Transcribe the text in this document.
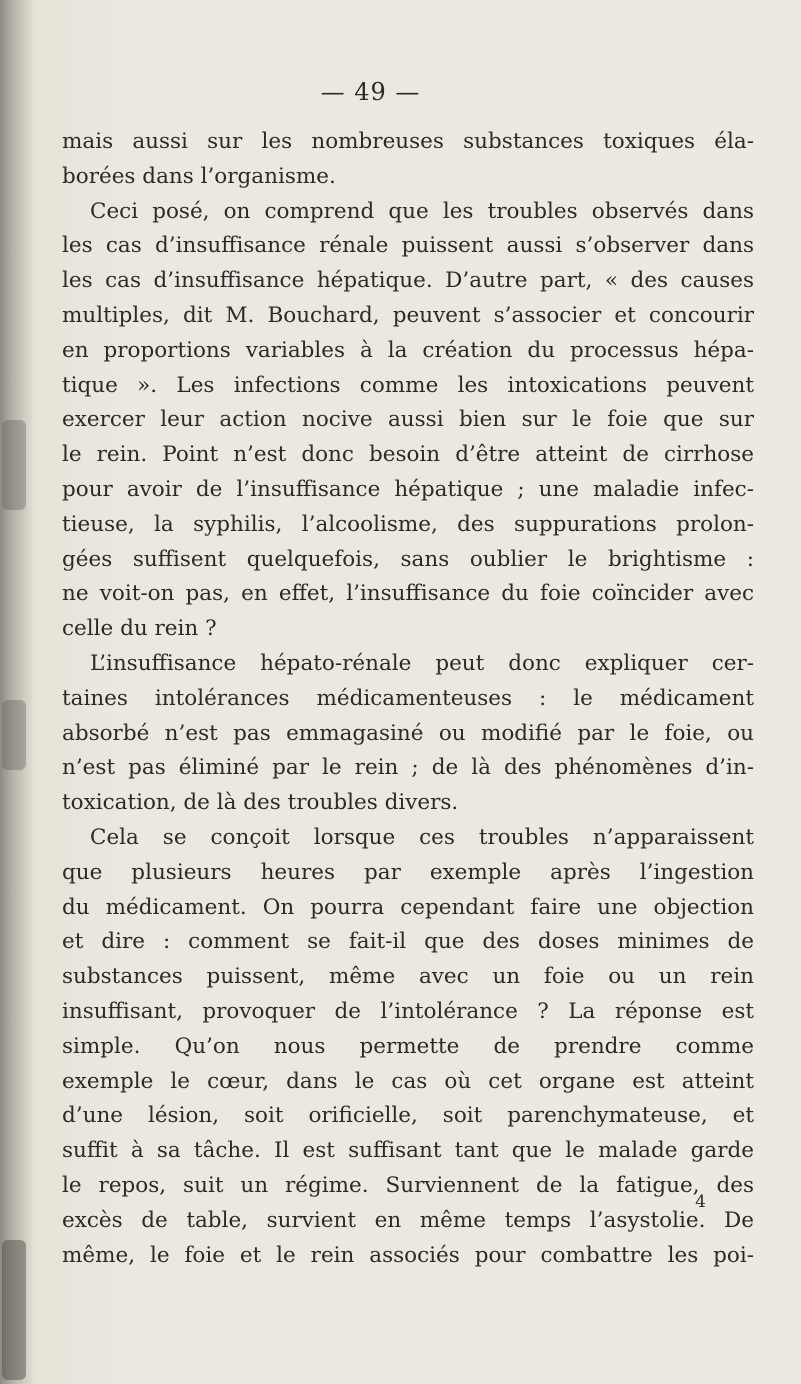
— 49 —
mais aussi sur les nombreuses substances toxiques éla-
borées dans l’organisme.
Ceci posé, on comprend que les troubles observés dans
les cas d’insuffisance rénale puissent aussi s’observer dans
les cas d’insuffisance hépatique. D’autre part, « des causes
multiples, dit M. Bouchard, peuvent s’associer et concourir
en proportions variables à la création du processus hépa-
tique ». Les infections comme les intoxications peuvent
exercer leur action nocive aussi bien sur le foie que sur
le rein. Point n’est donc besoin d’être atteint de cirrhose
pour avoir de l’insuffisance hépatique ; une maladie infec-
tieuse, la syphilis, l’alcoolisme, des suppurations prolon-
gées suffisent quelquefois, sans oublier le brightisme :
ne voit-on pas, en effet, l’insuffisance du foie coïncider avec
celle du rein ?
L’insuffisance hépato-rénale peut donc expliquer cer-
taines intolérances médicamenteuses : le médicament
absorbé n’est pas emmagasiné ou modifié par le foie, ou
n’est pas éliminé par le rein ; de là des phénomènes d’in-
toxication, de là des troubles divers.
Cela se conçoit lorsque ces troubles n’apparaissent
que plusieurs heures par exemple après l’ingestion
du médicament. On pourra cependant faire une objection
et dire : comment se fait-il que des doses minimes de
substances puissent, même avec un foie ou un rein
insuffisant, provoquer de l’intolérance ? La réponse est
simple. Qu’on nous permette de prendre comme
exemple le cœur, dans le cas où cet organe est atteint
d’une lésion, soit orificielle, soit parenchymateuse, et
suffit à sa tâche. Il est suffisant tant que le malade garde
le repos, suit un régime. Surviennent de la fatigue, des
excès de table, survient en même temps l’asystolie. De
même, le foie et le rein associés pour combattre les poi-
4
